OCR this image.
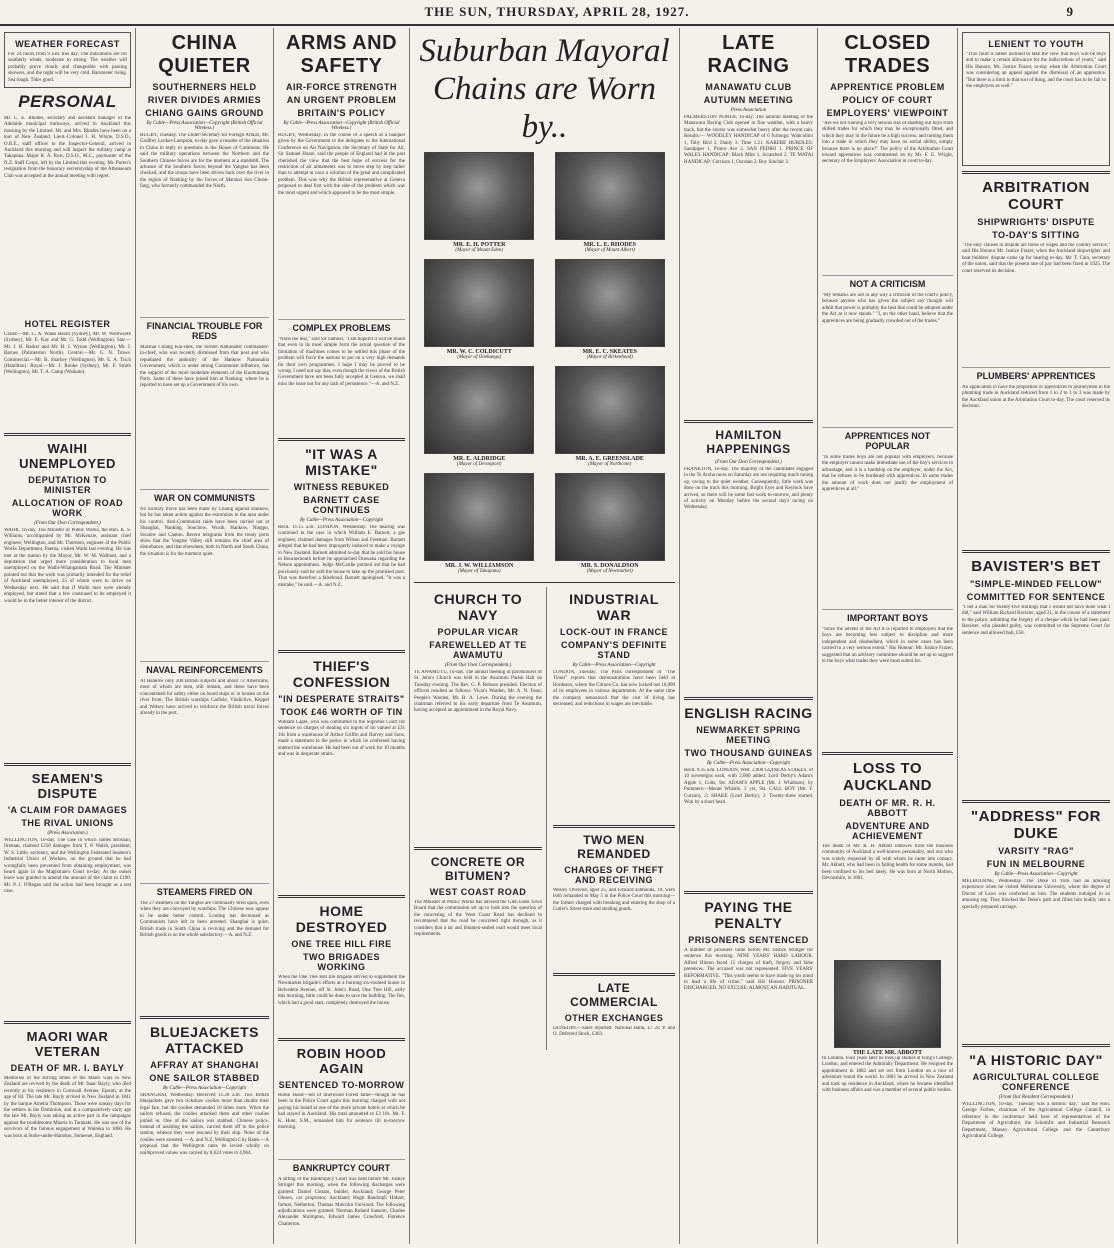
THE SUN, THURSDAY, APRIL 28, 1927.	9
WEATHER FORECAST
For 24 hours from 9 a.m. this day. The indications are for southerly winds, moderate to strong. The weather will probably prove cloudy and changeable with passing showers, and the night will be very cold. Barometer rising. Sea rough. Tides good.
PERSONAL
Mr. C. E. Rhodes, secretary and assistant manager of the Adelaide municipal tramways, arrived in Auckland this morning by the Limited. Mr. and Mrs. Rhodes have been on a tour of New Zealand. Lieut.-Colonel J. H. Whyte, D.S.O., O.B.E., staff officer to the Inspector-General, arrived in Auckland this morning and will inspect the military camp at Takapuna. Major R. A. Row, D.S.O., M.C., paymaster of the N.Z. Staff Corps, left by the Limited this evening. Mr. Porter's resignation from the honorary secretaryship of the Athenaeum Club was accepted at the annual meeting with regret.
HOTEL REGISTER
Grand.—Mr. C. A. Wales Beard (Sydney), Mr. W. Wentworth (Sydney), Mr. E. Kay and Mr. G. Todd (Wellington). Star.—Mr. J. H. Barker and Mr. H. J. Wynne (Wellington), Mr. J. Barnes (Palmerston North). Central.—Mr. G. N. Trowe. Commercial.—Mr. R. Sharkey (Wellington), Mr. E. A. Tisch (Hamilton). Royal.—Mr. J. Rooke (Sydney), Mr. F. Smith (Wellington), Mr. T. A. Camp (Waikato).
WAIHI UNEMPLOYED
DEPUTATION TO MINISTER
ALLOCATION OF ROAD WORK
(From Our Own Correspondent.)
WAIHI, To-day. The Minister of Public Works, the Hon. K. S. Williams, accompanied by Mr. McKenzie, assistant chief engineer, Wellington, and Mr. Thornton, engineer of the Public Works Department, Paeroa, visited Waihi last evening. He was met at the station by the Mayor, Mr. W. M. Wallnutt, and a deputation that urged more consideration to local men unemployed on the Waihi-Whangamata Road. The Minister pointed out that the work was primarily intended for the relief of Auckland unemployed, 25 of whom were to arrive on Wednesday next. He said that if Waihi men were already employed, but stated that a few continued to be employed it would be in the better interest of the district.
SEAMEN'S DISPUTE
'A CLAIM FOR DAMAGES
THE RIVAL UNIONS
(Press Association.)
WELLINGTON, To-day. The case in which James Brosnan, fireman, claimed £250 damages from T. P. Walsh, president; W. S. Little, secretary, and the Wellington Federated Seamen's Industrial Union of Workers, on the ground that he had wrongfully been prevented from obtaining employment, was heard again in the Magistrate's Court to-day. At the outset leave was granted to amend the amount of the claim to £100. Mr. P. J. O'Regan said the action had been brought as a test case.
MAORI WAR VETERAN
DEATH OF MR. I. BAYLY
Memories of the stirring times of the Maori wars in New Zealand are revived by the death of Mr. Isaac Bayly, who died recently at his residence in Cornwall Avenue, Epsom, at the age of 84. The late Mr. Bayly arrived in New Zealand in 1841 by the barque Amelia Thompson. Those were uneasy days for the settlers in the Dominion, and at a comparatively early age the late Mr. Bayly was taking an active part in the campaigns against the troublesome Maoris in Taranaki. He was one of the survivors of the famous engagement at Waireka in 1860. He was born at Stoke-under-Hamdon, Somerset, England.
CHINA QUIETER
SOUTHERNERS HELD
RIVER DIVIDES ARMIES
CHIANG GAINS GROUND
By Cable—Press Association—Copyright (British Official Wireless.)
RUGBY, Tuesday. The Under-Secretary for Foreign Affairs, Mr. Godfrey Locker-Lampson, to-day gave a resume of the situation in China in reply to questions in the House of Commons. He said the military operations between the Northern and the Southern Chinese forces are for the moment at a standstill. The advance of the Southern forces beyond the Yangtse has been checked, and the troops have been driven back over the river in the region of Nanking by the forces of Marshal Sun Chuan-fang, who formerly commanded the North.
FINANCIAL TROUBLE FOR REDS
Marshal Chiang Kai-shek, the former Nationalist commander-in-chief, who was recently dismissed from that post and who repudiated the authority of the Hankow Nationalist Government, which is under strong Communist influence, has the support of the more moderate elements of the Kuomintang Party. Some of these have joined him at Nanking, where he is reported to have set up a Government of his own.
WAR ON COMMUNISTS
No military move has been made by Chiang against Hankow, but he has taken action against the extremists in the area under his control. Anti-Communist raids have been carried out at Shanghai, Nanking, Soochow, Wusih, Hankow, Ningpo, Swatow and Canton. Recent telegrams from the treaty ports show that the Yangtse Valley still remains the chief area of disturbance, and that elsewhere, both in North and South China, the situation is for the moment quiet.
NAVAL REINFORCEMENTS
At Hankow only 200 British subjects and about 72 Americans, most of whom are men, still remain, and these have been concentrated for safety either on board ships or in houses on the river front. The British warships Carlisle, Vindictive, Keppel and Wolsey have arrived to reinforce the British naval forces already in the port.
STEAMERS FIRED ON
The 27 steamers on the Yangtse are continually fired upon, even when they are convoyed by warships. The Chinese now appear to be under better control. Looting has decreased as Communists have left or been arrested. Shanghai is quiet. British trade in South China is reviving and the demand for British goods is on the whole satisfactory.—A. and N.Z.
BLUEJACKETS ATTACKED
AFFRAY AT SHANGHAI
ONE SAILOR STABBED
By Cable—Press Association—Copyright
SHANGHAI, Wednesday. Received 11.20 a.m. Two British bluejackets gave two rickshaw coolies more than double their legal fare, but the coolies demanded 10 times more. When the sailors refused, the coolies attacked them and other coolies joined in. One of the sailors was stabbed. Chinese police, instead of assisting the sailors, carried them off to the police station, whence they were rescued by their ship. None of the coolies were arrested. —A. and N.Z. Wellington City Rates.—A proposal that the Wellington rates be levied wholly on unimproved values was carried by 8,624 votes to 4,964.
ARMS AND SAFETY
AIR-FORCE STRENGTH
AN URGENT PROBLEM
BRITAIN'S POLICY
By Cable—Press Association—Copyright (British Official Wireless.)
RUGBY, Wednesday. In the course of a speech at a banquet given by the Government to the delegates to the International Conference on Air Navigation, the Secretary of State for Air, Sir Samuel Hoare, said the people of England had in the past cherished the view that the best hope of success for the restriction of air armaments was to move step by step rather than to attempt at once a solution of the great and complicated problem. This was why the British representative at Geneva proposed to deal first with the side of the problem which was the most urgent and which appeared to be the most simple.
COMPLEX PROBLEMS
"None the less," said Sir Samuel, "I am hopeful it will be found that even in its most simple form the actual question of the limitation of machines comes to be settled this phase of the problem will force the nations to put on a very high demands for their own programmes. I hope I may be proved to be wrong. I need not say that, even though the views of the British Government have not been fully accepted at Geneva, we shall miss the issue not for any lack of persistence."—A. and N.Z.
"IT WAS A MISTAKE"
WITNESS REBUKED
BARNETT CASE CONTINUES
By Cable—Press Association—Copyright
Recd. 11.15 a.m. LONDON, Wednesday. The hearing was continued in the case in which William E. Barnett, a gas engineer, claimed damages from Wilson and Freeman. Barnett alleged that he had been improperly induced to make a voyage to New Zealand. Barnett admitted to-day that he sold his house in Bournemouth before he approached Orawaka regarding the Nelson appointment. Judge McCardie pointed out that he had previously said he sold the house to take up the promised post. That was therefore a falsehood. Barnett apologised. "It was a mistake," he said.—A. and N.Z.
THIEF'S CONFESSION
"IN DESPERATE STRAITS"
TOOK £46 WORTH OF TIN
William Caple, who was committed to the Supreme Court for sentence on charges of stealing six ingots of tin valued at £31 10s from a warehouse of Arthur Griffin and Harvey and Sons, made a statement to the police in which he confessed having entered the warehouse. He had been out of work for 10 months and was in desperate straits.
HOME DESTROYED
ONE TREE HILL FIRE
TWO BRIGADES WORKING
When the One Tree Hill fire brigade arrived to supplement the Newmarket brigade's efforts at a burning six-roomed house in Belvedere Avenue, off St. John's Road, One Tree Hill, early this morning, little could be done to save the building. The fire, which had a good start, completely destroyed the house.
ROBIN HOOD AGAIN
SENTENCED TO-MORROW
Robin Hood—not of Sherwood Forest fame—though he has been in the Police Court again this morning charged with not paying his board at one of the more private hotels at which he had stayed in Auckland. His total amounted to £3 10s. Mr. F. K. Hunt, S.M., remanded him for sentence till to-morrow morning.
BANKRUPTCY COURT
A sitting of the Bankruptcy Court was held before Mr. Justice Stringer this morning, when the following discharges were granted: Daniel Cottam, builder, Auckland; George Peter Olesen, car proprietor, Auckland; Hugh Randolph Hobart, farmer, Netherton; Thomas Malcolm Forwood. The following adjudications were granted: Norman Roland Sansom, Charles Alexander Shrimpton, Edward James Crawford, Florence Chatterton.
Suburban Mayoral Chains are Worn by..
MR. E. H. POTTER
(Mayor of Mount Eden)
MR. L. E. RHODES
(Mayor of Mount Albert)
MR. W. C. COLDICUTT
(Mayor of Onehunga)
MR. E. C. SKEATES
(Mayor of Birkenhead)
MR. E. ALDRIDGE
(Mayor of Devonport)
MR. A. E. GREENSLADE
(Mayor of Northcote)
MR. J. W. WILLIAMSON
(Mayor of Takapuna)
MR. S. DONALDSON
(Mayor of Newmarket)
CHURCH TO NAVY
POPULAR VICAR
FAREWELLED AT TE AWAMUTU
(From Our Own Correspondent.)
TE AWAMUTU, To-day. The annual meeting of parishioners of St. John's Church was held in the Awamutu Parish Hall on Tuesday evening. The Rev. G. P. Robson presided. Election of officers resulted as follows: Vicar's Warden, Mr. A. N. Fenn; People's Warden, Mr. B. A. Lowe. During the evening the chairman referred to his early departure from Te Awamutu, having accepted an appointment in the Royal Navy.
CONCRETE OR BITUMEN?
WEST COAST ROAD
The Minister of Public Works has advised the Glen Eden Town Board that the commission set up to look into the question of the concreting of the West Coast Road has declined to recommend that the road be concreted right through, as it considers that a tar and bitumen-sealed road would meet local requirements.
INDUSTRIAL WAR
LOCK-OUT IN FRANCE
COMPANY'S DEFINITE STAND
By Cable—Press Association—Copyright
LONDON, Tuesday. The Paris correspondent of "The Times" reports that demonstrations have been held at Bordeaux, where the Citroen Co. has now locked out 10,000 of its employees in various departments. At the same time the company announced that the cost of living has decreased, and reductions in wages are inevitable.
TWO MEN REMANDED
CHARGES OF THEFT AND RECEIVING
Wesley Overend, aged 25, and Edward Edmonds, 19, were both remanded to May 5 in the Police Court this morning—the former charged with breaking and entering the shop of a Cutler's Street store and stealing goods.
LATE COMMERCIAL
OTHER EXCHANGES
DUNEDIN.—Sales reported: National Bank, £7 2s; P. and O. Deferred Stock, £363.
LATE RACING
MANAWATU CLUB
AUTUMN MEETING
Press Association
PALMERSTON NORTH, To-day. The autumn meeting of the Manawatu Racing Club opened in fine weather, with a heavy track, but the course was somewhat heavy after the recent rain. Results:— WOODLEY HANDICAP of 6 furlongs: Wahcullini 1, Toby Bird 2, Danly 3. Time 1.21. KARERE HURDLES: Sandpiper 1, Prince Ace 2. SAN PEDRO 1. PRINCE OF WALES HANDICAP: Black Mint 1, Scratched 2. TE MATAI HANDICAP: Corrison 1, Oscotan 2, Boy Sinclair 3.
HAMILTON HAPPENINGS
(From Our Own Correspondent.)
FRANKTON, To-day. The majority of the candidates engaged in the Te Aroha races on Saturday are not requiring much tuning up, owing to the quiet weather. Consequently, little work was done on the track this morning. Bright Eyes and Keylock have arrived, so there will be some fast work to-morrow, and plenty of activity on Monday before the second day's racing on Wednesday.
ENGLISH RACING
NEWMARKET SPRING MEETING
TWO THOUSAND GUINEAS
By Cable—Press Association—Copyright
Recd. 9.35 a.m. LONDON, Wed. 2,000 GUINEAS STAKES, of 10 sovereigns each, with 2,000 added. Lord Derby's Adam's Apple 1, Colts, 9st. ADAM'S APPLE (Mr. J. Whitburn), by Pommern—Mount Whistle, 3 yrs, 9st. CALL BOY (Mr. F. Curzon), 2; SHAKE (Lord Derby), 3. Twenty-three started. Won by a short head.
PAYING THE PENALTY
PRISONERS SENTENCED
A number of prisoners came before Mr. Justice Stringer for sentence this morning. NINE YEARS' HARD LABOUR. Alfred Hinton faced 15 charges of theft, forgery and false pretences. The accused was not represented. FIVE YEARS' REFORMATIVE. "This youth seems to have made up his mind to lead a life of crime," said His Honour. PRISONER DISCHARGED. NO EXCUSE. ALMOST AN HABITUAL.
CLOSED TRADES
APPRENTICE PROBLEM
POLICY OF COURT
EMPLOYERS' VIEWPOINT
"Are we not running a very serious risk of shutting out boys from skilled trades for which they may be exceptionally fitted, and which they may in the future be a high success, and turning them into a trade in which they may have no social ability, simply because there is no place?" The policy of the Arbitration Court toward apprentices was commented on by Mr. F. E. Wright, secretary of the Employers' Association in court to-day.
NOT A CRITICISM
"My remarks are not in any way a criticism of the court's policy, because anyone who has given the subject any thought will admit that power is probably the best that could be adopted under the Act as it now stands." "I, on the other hand, believe that the apprentices are being gradually crowded out of the trades."
APPRENTICES NOT POPULAR
"In some trades boys are not popular with employers, because the employer cannot make immediate use of the boy's services to advantage, and it is a hardship on the employer, under the Act, that he refuses to be burdened with apprentices. In some trades the amount of work does not justify the employment of apprentices at all."
IMPORTANT BOYS
"Since the advent of the Act it is reported to employers that the boys are becoming less subject to discipline and more independent and disobedient, which in some cases has been carried to a very serious extent." His Honour: Mr. Justice Frazer, suggested that an advisory committee should be set up to suggest to the boys what trades they were most suited for.
LOSS TO AUCKLAND
DEATH OF MR. R. H. ABBOTT
ADVENTURE AND ACHIEVEMENT
The death of Mr. R. H. Abbott removes from the business community of Auckland a well-known personality, and one who was widely respected by all with whom he came into contact. Mr. Abbott, who had been in failing health for some months, had been confined to his bed lately. He was born at North Molton, Devonshire, in 1861.
THE LATE MR. ABBOTT
In London. Four years later he took up studies at King's College, London, and entered the Admiralty Department. He resigned the appointment in 1882 and set out from London on a tour of adventure round the world. In 1883 he arrived in New Zealand and took up residence in Auckland, where he became identified with business affairs and was a member of several public bodies.
LENIENT TO YOUTH
"This court is rather inclined to take the view that boys will be boys and to make a certain allowance for the indiscretions of youth," said His Honour, Mr. Justice Frazer, to-day when the Arbitration Court was considering an appeal against the dismissal of an apprentice. "But there is a limit to that sort of thing, and the court has to be fair to the employers as well."
ARBITRATION COURT
SHIPWRIGHTS' DISPUTE
TO-DAY'S SITTING
"The only clauses in dispute are those of wages and the country service," said His Honour Mr. Justice Frazer, when the Auckland shipwrights' and boat builders' dispute came up for hearing to-day. Mr. T. Cain, secretary of the union, said that the present rate of pay had been fixed in 1925. The court reserved its decision.
PLUMBERS' APPRENTICES
An application to have the proportion of apprentices to journeymen in the plumbing trade in Auckland reduced from 1 to 2 to 1 to 3 was made by the Auckland union at the Arbitration Court to-day. The court reserved its decision.
BAVISTER'S BET
"SIMPLE-MINDED FELLOW"
COMMITTED FOR SENTENCE
"I bet a man for twenty-five shillings that I would not have done what I did," said William Richard Bavister, aged 21, in the course of a statement to the police, admitting the forgery of a cheque which he had been paid. Bavister, who pleaded guilty, was committed to the Supreme Court for sentence and allowed bail, £50.
"ADDRESS" FOR DUKE
VARSITY "RAG"
FUN IN MELBOURNE
By Cable—Press Association—Copyright
MELBOURNE, Wednesday. The Duke of York had an amusing experience when he visited Melbourne University, where the degree of Doctor of Laws was conferred on him. The students indulged in an amusing rag. They blocked the Duke's path and filled him bodily into a specially prepared carriage.
"A HISTORIC DAY"
AGRICULTURAL COLLEGE CONFERENCE
(From Our Resident Correspondent.)
WELLINGTON, To-day. "Tuesday was a historic day," said the Hon. George Forbes, chairman of the Agricultural College Council, in reference to the conference held here of representatives of the Department of Agriculture, the Scientific and Industrial Research Department, Massey Agricultural College and the Canterbury Agricultural College.
